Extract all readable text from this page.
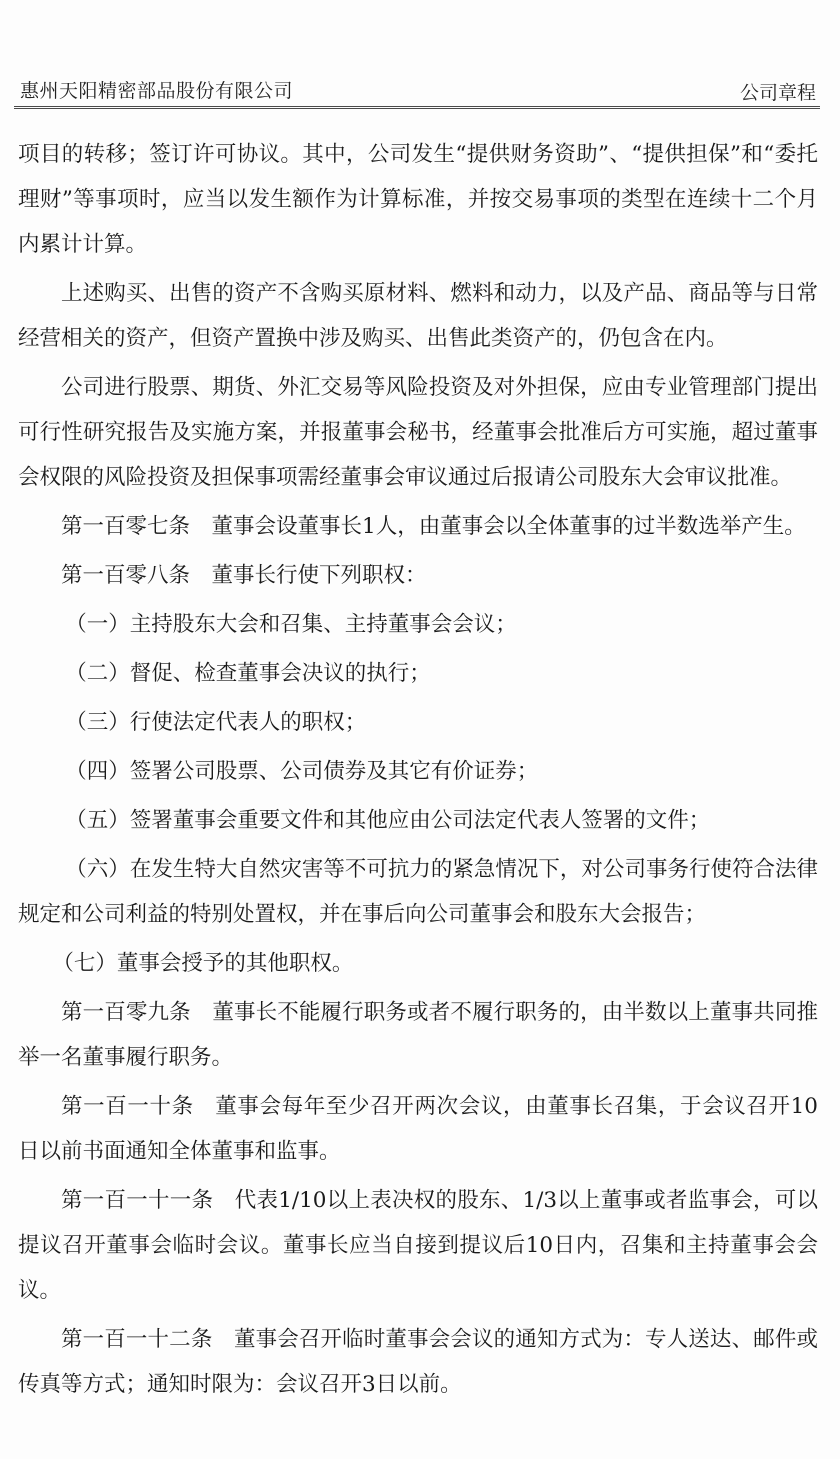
惠州天阳精密部品股份有限公司	公司章程

项目的转移；签订许可协议。其中，公司发生“提供财务资助”、“提供担保”和“委托理财”等事项时，应当以发生额作为计算标准，并按交易事项的类型在连续十二个月内累计计算。

上述购买、出售的资产不含购买原材料、燃料和动力，以及产品、商品等与日常经营相关的资产，但资产置换中涉及购买、出售此类资产的，仍包含在内。

公司进行股票、期货、外汇交易等风险投资及对外担保，应由专业管理部门提出可行性研究报告及实施方案，并报董事会秘书，经董事会批准后方可实施，超过董事会权限的风险投资及担保事项需经董事会审议通过后报请公司股东大会审议批准。

第一百零七条 董事会设董事长1人，由董事会以全体董事的过半数选举产生。

第一百零八条 董事长行使下列职权：

（一）主持股东大会和召集、主持董事会会议；

（二）督促、检查董事会决议的执行；

（三）行使法定代表人的职权；

（四）签署公司股票、公司债券及其它有价证券；

（五）签署董事会重要文件和其他应由公司法定代表人签署的文件；

（六）在发生特大自然灾害等不可抗力的紧急情况下，对公司事务行使符合法律规定和公司利益的特别处置权，并在事后向公司董事会和股东大会报告；

（七）董事会授予的其他职权。

第一百零九条 董事长不能履行职务或者不履行职务的，由半数以上董事共同推举一名董事履行职务。

第一百一十条 董事会每年至少召开两次会议，由董事长召集，于会议召开10日以前书面通知全体董事和监事。

第一百一十一条 代表1/10以上表决权的股东、1/3以上董事或者监事会，可以提议召开董事会临时会议。董事长应当自接到提议后10日内，召集和主持董事会会议。

第一百一十二条 董事会召开临时董事会会议的通知方式为：专人送达、邮件或传真等方式；通知时限为：会议召开3日以前。
